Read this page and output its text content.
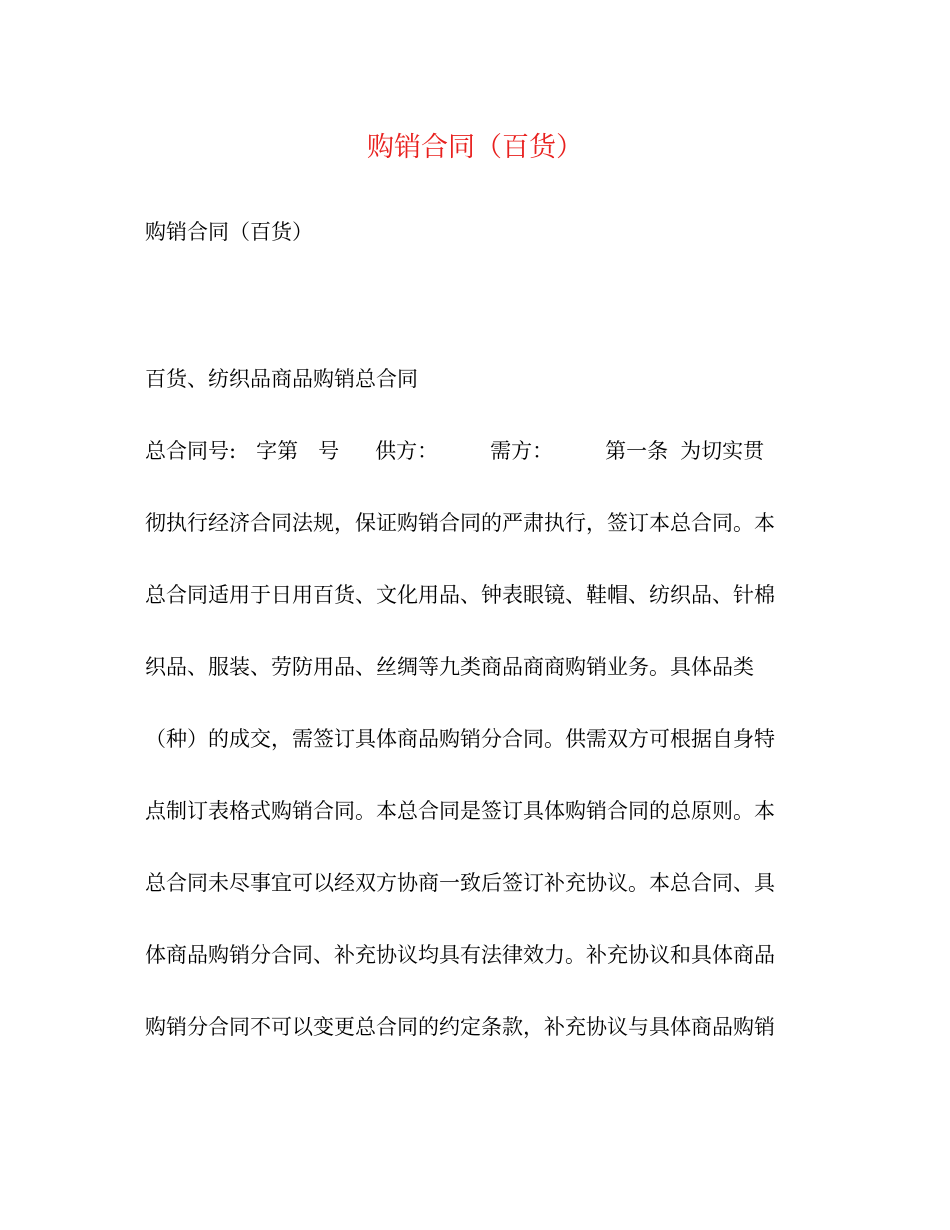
购销合同（百货）
购销合同（百货）
百货、纺织品商品购销总合同
总合同号: 字第 号 供方： 需方： 第一条 为切实贯
彻执行经济合同法规，保证购销合同的严肃执行，签订本总合同。本
总合同适用于日用百货、文化用品、钟表眼镜、鞋帽、纺织品、针棉
织品、服装、劳防用品、丝绸等九类商品商商购销业务。具体品类
（种）的成交，需签订具体商品购销分合同。供需双方可根据自身特
点制订表格式购销合同。本总合同是签订具体购销合同的总原则。本
总合同未尽事宜可以经双方协商一致后签订补充协议。本总合同、具
体商品购销分合同、补充协议均具有法律效力。补充协议和具体商品
购销分合同不可以变更总合同的约定条款，补充协议与具体商品购销
